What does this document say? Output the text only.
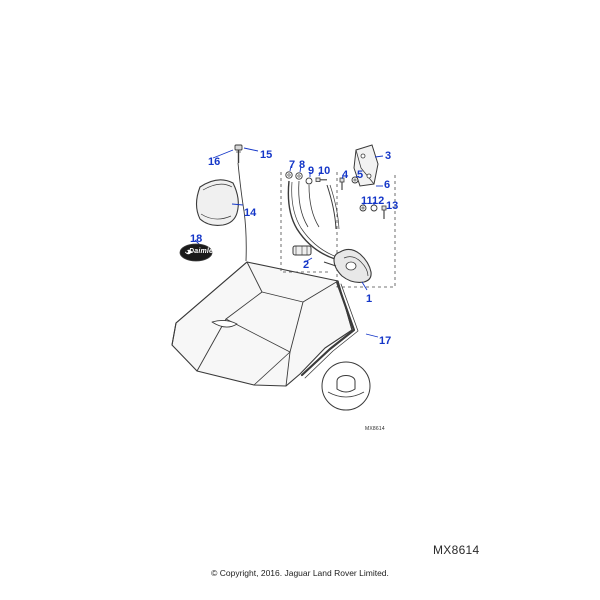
Daimler
1
2
3
4 5
6
7 8 9 10
11 12 13
14
15
16
17
18
MX8614
MX8614
© Copyright, 2016. Jaguar Land Rover Limited.
